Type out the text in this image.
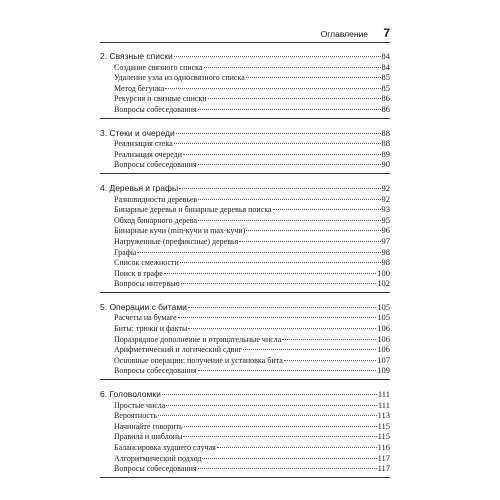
Оглавление 7
2. Связные списки	84
Создание связного списка	84
Удаление узла из односвязного списка	85
Метод бегунка	85
Рекурсия и связные списки	86
Вопросы собеседования	86
3. Стеки и очереди	88
Реализация стека	88
Реализация очереди	89
Вопросы собеседования	90
4. Деревья и графы	92
Разновидности деревьев	92
Бинарные деревья и бинарные деревья поиска	93
Обход бинарного дерева	95
Бинарные кучи (min-кучи и max-кучи)	96
Нагруженные (префиксные) деревья	97
Графы	98
Список смежности	98
Поиск в графе	100
Вопросы интервью	102
5. Операции с битами	105
Расчеты на бумаге	105
Биты: трюки и факты	106
Поразрядное дополнение и отрицательные числа	106
Арифметический и логический сдвиг	106
Основные операции: получение и установка бита	107
Вопросы собеседования	109
6. Головоломки	111
Простые числа	111
Вероятность	113
Начинайте говорить	115
Правила и шаблоны	115
Балансировка худшего случая	116
Алгоритмический подход	117
Вопросы собеседования	117
